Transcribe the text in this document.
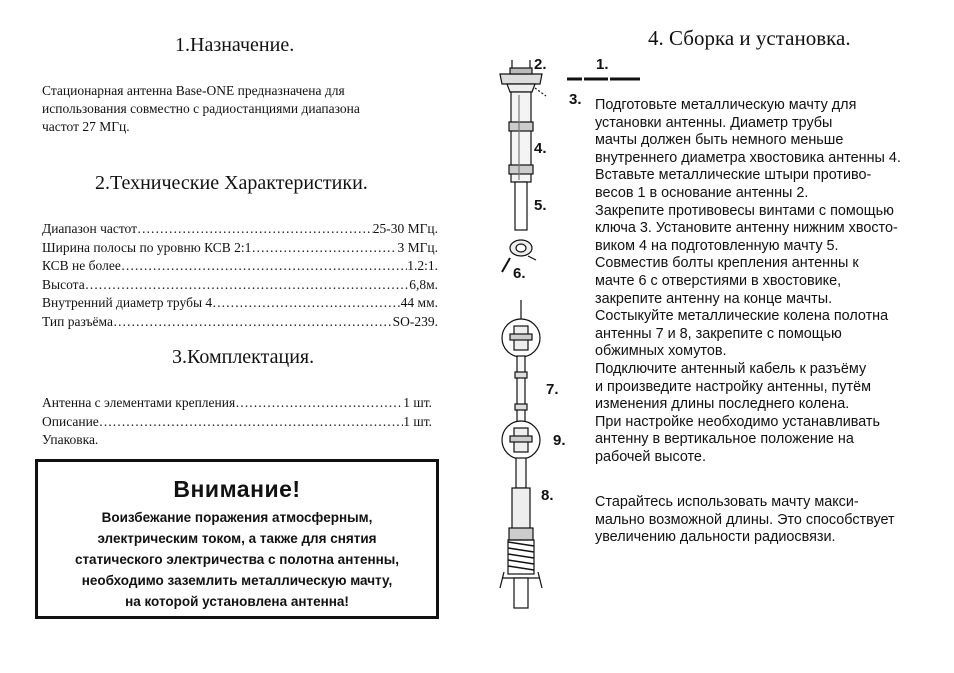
1.Назначение.
Стационарная антенна Base-ONE предназначена для
использования совместно с радиостанциями диапазона
частот 27 МГц.
2.Технические Характеристики.
Диапазон частот ………………………………………………………………………………………………………	25-30 МГц.
Ширина полосы по уровню КСВ 2:1 ………………………………………………………………………………………………………	3 МГц.
КСВ не более ………………………………………………………………………………………………………	1.2:1.
Высота ………………………………………………………………………………………………………	6,8м.
Внутренний диаметр трубы 4 ………………………………………………………………………………………………………	44 мм.
Тип разъёма ………………………………………………………………………………………………………	SO-239.
3.Комплектация.
Антенна с элементами крепления ………………………………………………………………………………………………………	1 шт.
Описание ………………………………………………………………………………………………………	1 шт.
Упаковка.
Внимание!
Воизбежание поражения атмосферным,
электрическим током, а также для снятия
статического электричества с полотна антенны,
необходимо заземлить металлическую мачту,
на которой установлена антенна!
4. Сборка и установка.
1.
2.
3.
4.
5.
6.
7.
9.
8.
Подготовьте металлическую мачту для
установки антенны. Диаметр трубы
мачты должен быть немного меньше
внутреннего диаметра хвостовика антенны 4.
Вставьте металлические штыри противо-
весов 1 в основание антенны 2.
Закрепите противовесы винтами с помощью
ключа 3. Установите антенну нижним хвосто-
виком 4 на подготовленную мачту 5.
Совместив болты крепления антенны к
мачте 6 с отверстиями в хвостовике,
закрепите антенну на конце мачты.
Состыкуйте металлические колена полотна
антенны 7 и 8, закрепите с помощью
обжимных хомутов.
Подключите антенный кабель к разъёму
и произведите настройку антенны, путём
изменения длины последнего колена.
При настройке необходимо устанавливать
антенну в вертикальное положение на
рабочей высоте.
Старайтесь использовать мачту макси-
мально возможной длины. Это способствует
увеличению дальности радиосвязи.
